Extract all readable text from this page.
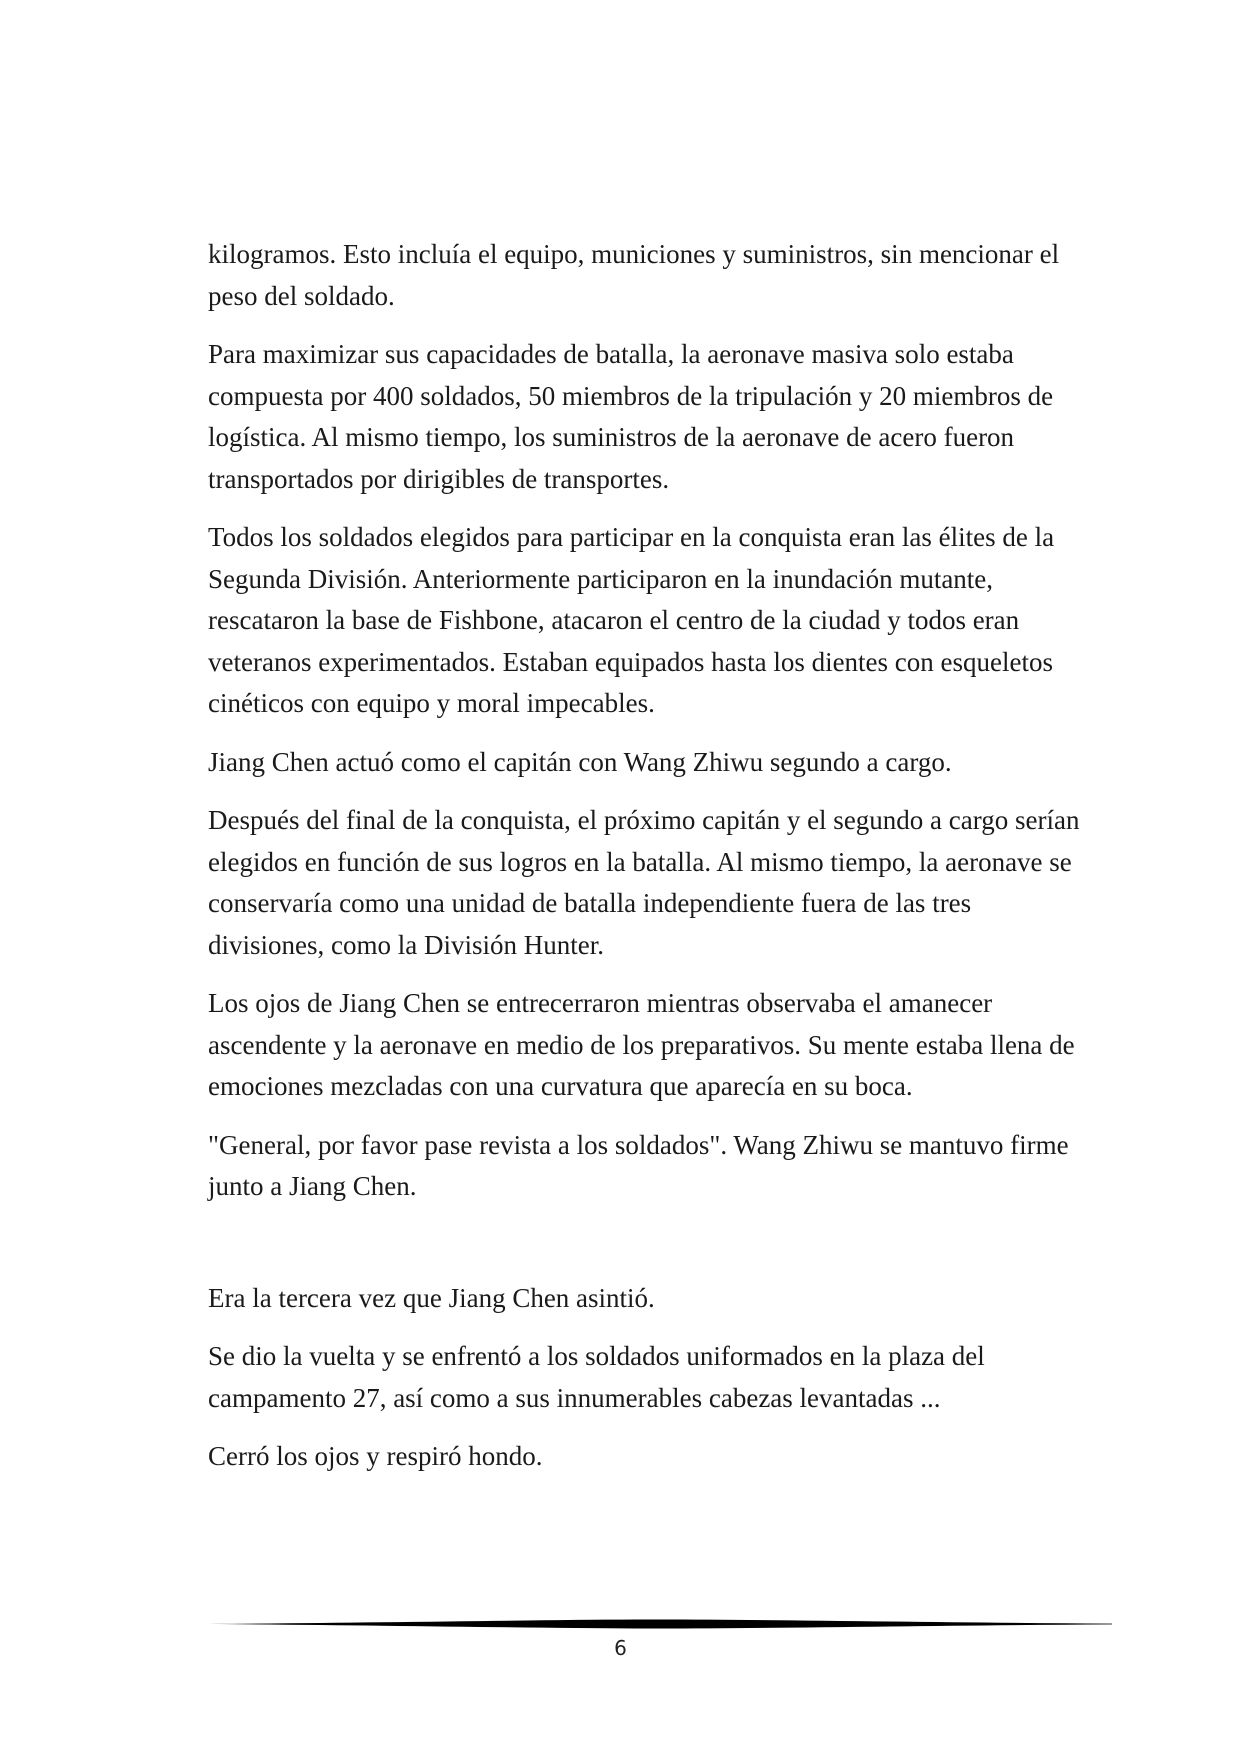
kilogramos. Esto incluía el equipo, municiones y suministros, sin mencionar el peso del soldado.

Para maximizar sus capacidades de batalla, la aeronave masiva solo estaba compuesta por 400 soldados, 50 miembros de la tripulación y 20 miembros de logística. Al mismo tiempo, los suministros de la aeronave de acero fueron transportados por dirigibles de transportes.

Todos los soldados elegidos para participar en la conquista eran las élites de la Segunda División. Anteriormente participaron en la inundación mutante, rescataron la base de Fishbone, atacaron el centro de la ciudad y todos eran veteranos experimentados. Estaban equipados hasta los dientes con esqueletos cinéticos con equipo y moral impecables.

Jiang Chen actuó como el capitán con Wang Zhiwu segundo a cargo.

Después del final de la conquista, el próximo capitán y el segundo a cargo serían elegidos en función de sus logros en la batalla. Al mismo tiempo, la aeronave se conservaría como una unidad de batalla independiente fuera de las tres divisiones, como la División Hunter.

Los ojos de Jiang Chen se entrecerraron mientras observaba el amanecer ascendente y la aeronave en medio de los preparativos. Su mente estaba llena de emociones mezcladas con una curvatura que aparecía en su boca.

"General, por favor pase revista a los soldados". Wang Zhiwu se mantuvo firme junto a Jiang Chen.

Era la tercera vez que Jiang Chen asintió.

Se dio la vuelta y se enfrentó a los soldados uniformados en la plaza del campamento 27, así como a sus innumerables cabezas levantadas ...

Cerró los ojos y respiró hondo.

6
